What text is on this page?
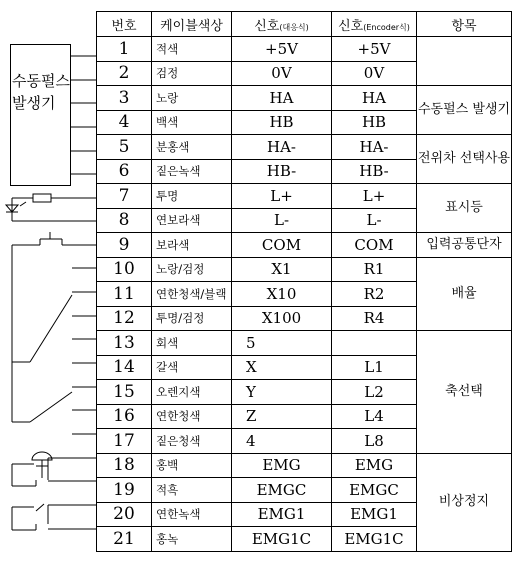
수동펄스발생기
번호	케이블색상	신호(대응식)	신호(Encoder식)	항목
1	적색	+5V	+5V	
2	검정	0V	0V	
3	노랑	HA	HA	수동펄스 발생기
4	백색	HB	HB	
5	분홍색	HA-	HA-	전위차 선택사용
6	짙은녹색	HB-	HB-	
7	투명	L+	L+	표시등
8	연보라색	L-	L-	
9	보라색	COM	COM	입력공통단자
10	노랑/검정	X1	R1	배율
11	연한청색/블랙	X10	R2	
12	투명/검정	X100	R4	
13	회색	5		축선택
14	갈색	X	L1	
15	오렌지색	Y	L2	
16	연한청색	Z	L4	
17	짙은청색	4	L8	
18	홍백	EMG	EMG	비상정지
19	적흑	EMGC	EMGC	
20	연한녹색	EMG1	EMG1	
21	홍녹	EMG1C	EMG1C	
